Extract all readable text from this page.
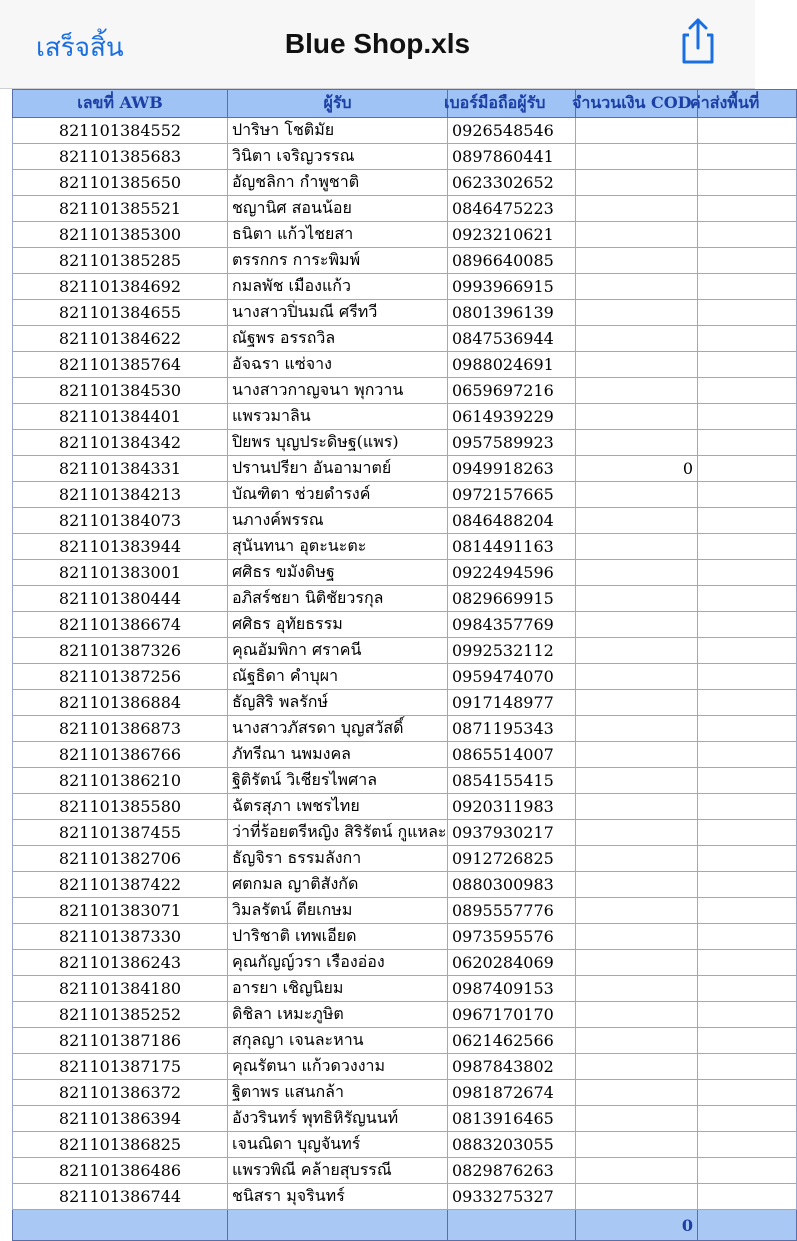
เสร็จสิ้น	Blue Shop.xls
เลขที่ AWB	ผู้รับ	เบอร์มือถือผู้รับ	จำนวนเงิน COD	ค่าส่งพื้นที่
821101384552	ปาริษา โชติมัย	0926548546		
821101385683	วินิตา เจริญวรรณ	0897860441		
821101385650	อัญชลิกา กำพูชาติ	0623302652		
821101385521	ชญานิศ สอนน้อย	0846475223		
821101385300	ธนิตา แก้วไชยสา	0923210621		
821101385285	ตรรกกร การะพิมพ์	0896640085		
821101384692	กมลพัช เมืองแก้ว	0993966915		
821101384655	นางสาวปิ่นมณี ศรีทวี	0801396139		
821101384622	ณัฐพร อรรถวิล	0847536944		
821101385764	อัจฉรา แซ่จาง	0988024691		
821101384530	นางสาวกาญจนา พุกวาน	0659697216		
821101384401	แพรวมาลิน	0614939229		
821101384342	ปิยพร บุญประดิษฐ(แพร)	0957589923		
821101384331	ปรานปรียา อันอามาตย์	0949918263	0	
821101384213	บัณฑิตา ช่วยดำรงค์	0972157665		
821101384073	นภางค์พรรณ	0846488204		
821101383944	สุนันทนา อุตะนะตะ	0814491163		
821101383001	ศศิธร ขมังดิษฐ	0922494596		
821101380444	อภิสร์ชยา นิติชัยวรกุล	0829669915		
821101386674	ศศิธร อุทัยธรรม	0984357769		
821101387326	คุณอัมพิกา ศราคนี	0992532112		
821101387256	ณัฐธิดา คำบุผา	0959474070		
821101386884	ธัญสิริ พลรักษ์	0917148977		
821101386873	นางสาวภัสรดา บุญสวัสดิ์	0871195343		
821101386766	ภัทรีณา นพมงคล	0865514007		
821101386210	ฐิติรัตน์ วิเชียรไพศาล	0854155415		
821101385580	ฉัตรสุภา เพชรไทย	0920311983		
821101387455	ว่าที่ร้อยตรีหญิง สิริรัตน์ กูแหละ	0937930217		
821101382706	ธัญจิรา ธรรมลังกา	0912726825		
821101387422	ศตกมล ญาติสังกัด	0880300983		
821101383071	วิมลรัตน์ ตียเกษม	0895557776		
821101387330	ปาริชาติ เทพเอียด	0973595576		
821101386243	คุณกัญญ์วรา เรืองอ่อง	0620284069		
821101384180	อารยา เชิญนิยม	0987409153		
821101385252	ดิชิลา เหมะภูษิต	0967170170		
821101387186	สกุลญา เจนละหาน	0621462566		
821101387175	คุณรัตนา แก้วดวงงาม	0987843802		
821101386372	ฐิตาพร แสนกล้า	0981872674		
821101386394	อังวรินทร์ พุทธิหิรัญนนท์	0813916465		
821101386825	เจนณิดา บุญจันทร์	0883203055		
821101386486	แพรวพิณี คล้ายสุบรรณี	0829876263		
821101386744	ชนิสรา มุจรินทร์	0933275327		
			0	
